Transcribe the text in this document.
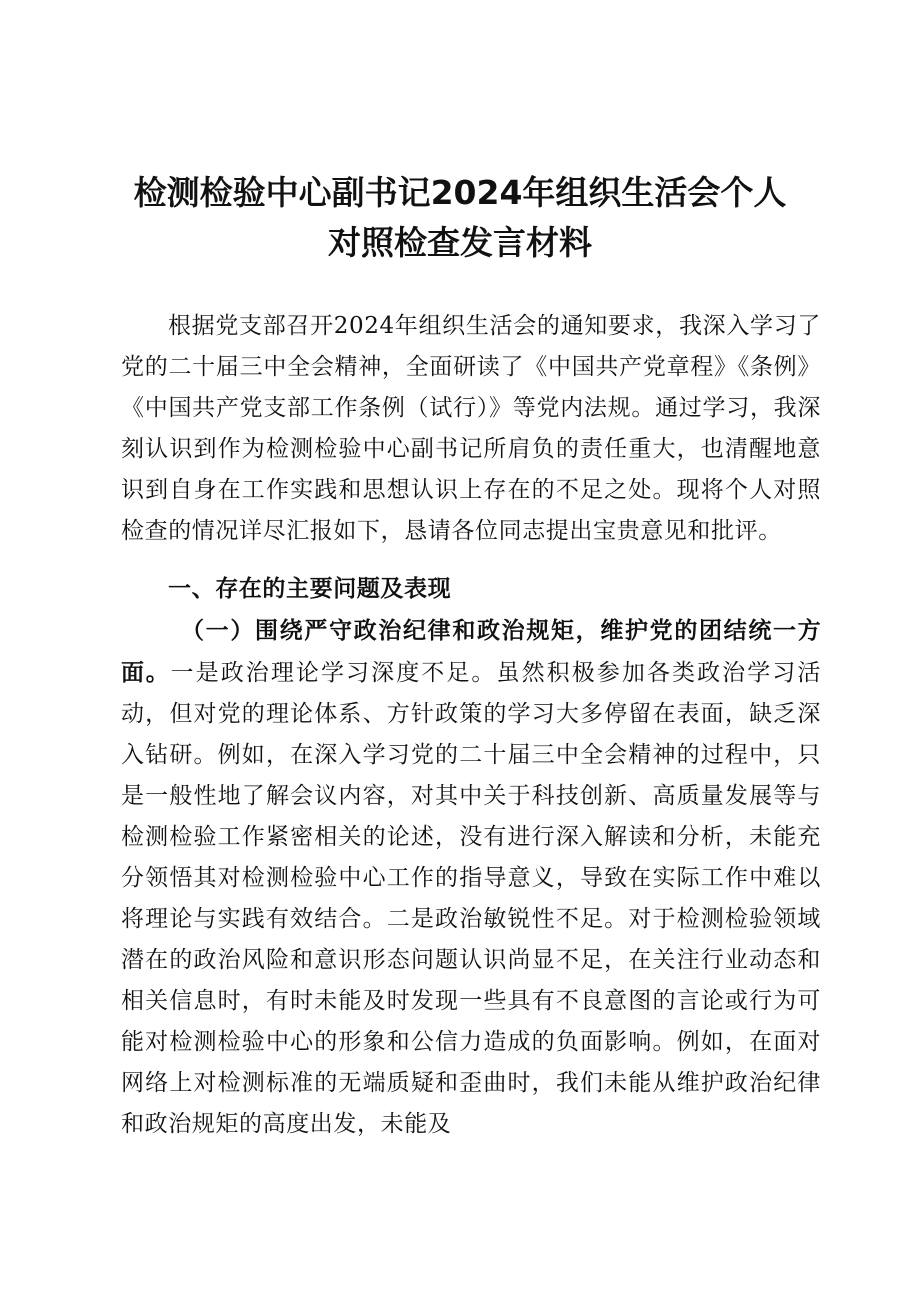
检测检验中心副书记2024年组织生活会个人
对照检查发言材料
根据党支部召开2024年组织生活会的通知要求，我深入学习了党的二十届三中全会精神，全面研读了《中国共产党章程》《条例》《中国共产党支部工作条例（试行）》等党内法规。通过学习，我深刻认识到作为检测检验中心副书记所肩负的责任重大，也清醒地意识到自身在工作实践和思想认识上存在的不足之处。现将个人对照检查的情况详尽汇报如下，恳请各位同志提出宝贵意见和批评。
一、存在的主要问题及表现
（一）围绕严守政治纪律和政治规矩，维护党的团结统一方面。一是政治理论学习深度不足。虽然积极参加各类政治学习活动，但对党的理论体系、方针政策的学习大多停留在表面，缺乏深入钻研。例如，在深入学习党的二十届三中全会精神的过程中，只是一般性地了解会议内容，对其中关于科技创新、高质量发展等与检测检验工作紧密相关的论述，没有进行深入解读和分析，未能充分领悟其对检测检验中心工作的指导意义，导致在实际工作中难以将理论与实践有效结合。二是政治敏锐性不足。对于检测检验领域潜在的政治风险和意识形态问题认识尚显不足，在关注行业动态和相关信息时，有时未能及时发现一些具有不良意图的言论或行为可能对检测检验中心的形象和公信力造成的负面影响。例如，在面对网络上对检测标准的无端质疑和歪曲时，我们未能从维护政治纪律和政治规矩的高度出发，未能及
